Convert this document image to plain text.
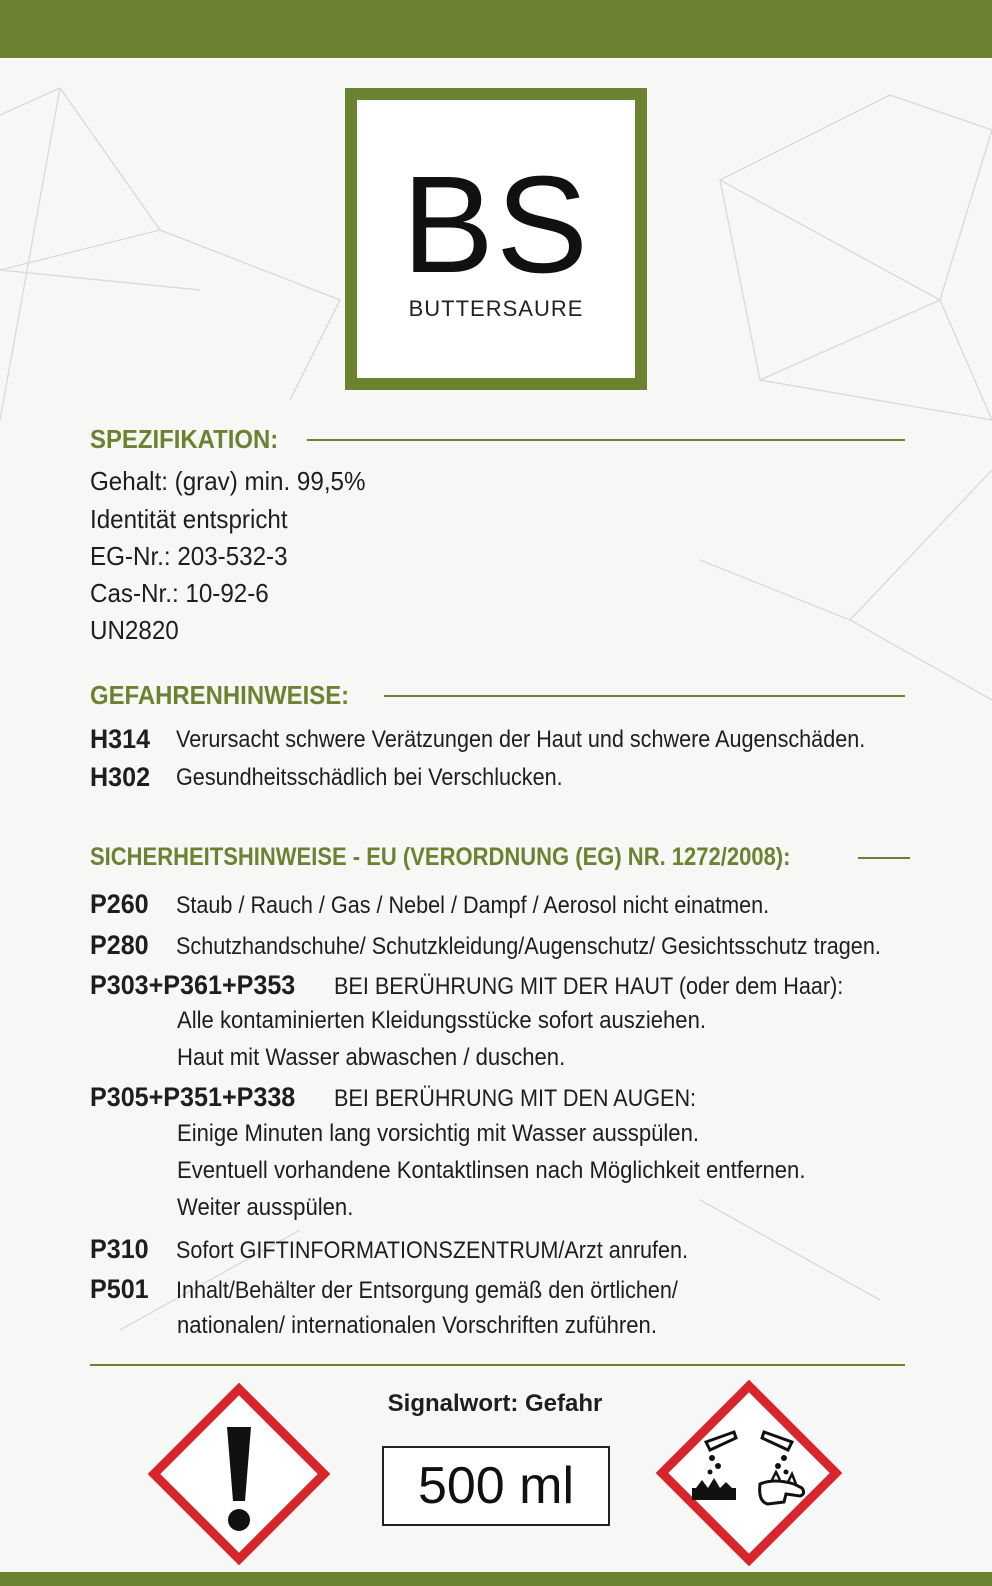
BS
BUTTERSAURE
SPEZIFIKATION:
Gehalt: (grav) min. 99,5%
Identität entspricht
EG-Nr.: 203-532-3
Cas-Nr.: 10-92-6
UN2820
GEFAHRENHINWEISE:
H314 Verursacht schwere Verätzungen der Haut und schwere Augenschäden.
H302 Gesundheitsschädlich bei Verschlucken.
SICHERHEITSHINWEISE - EU (VERORDNUNG (EG) NR. 1272/2008):
P260 Staub / Rauch / Gas / Nebel / Dampf / Aerosol nicht einatmen.
P280 Schutzhandschuhe/ Schutzkleidung/Augenschutz/ Gesichtsschutz tragen.
P303+P361+P353 BEI BERÜHRUNG MIT DER HAUT (oder dem Haar):
Alle kontaminierten Kleidungsstücke sofort ausziehen.
Haut mit Wasser abwaschen / duschen.
P305+P351+P338 BEI BERÜHRUNG MIT DEN AUGEN:
Einige Minuten lang vorsichtig mit Wasser ausspülen.
Eventuell vorhandene Kontaktlinsen nach Möglichkeit entfernen.
Weiter ausspülen.
P310 Sofort GIFTINFORMATIONSZENTRUM/Arzt anrufen.
P501 Inhalt/Behälter der Entsorgung gemäß den örtlichen/
nationalen/ internationalen Vorschriften zuführen.
Signalwort: Gefahr
500 ml
